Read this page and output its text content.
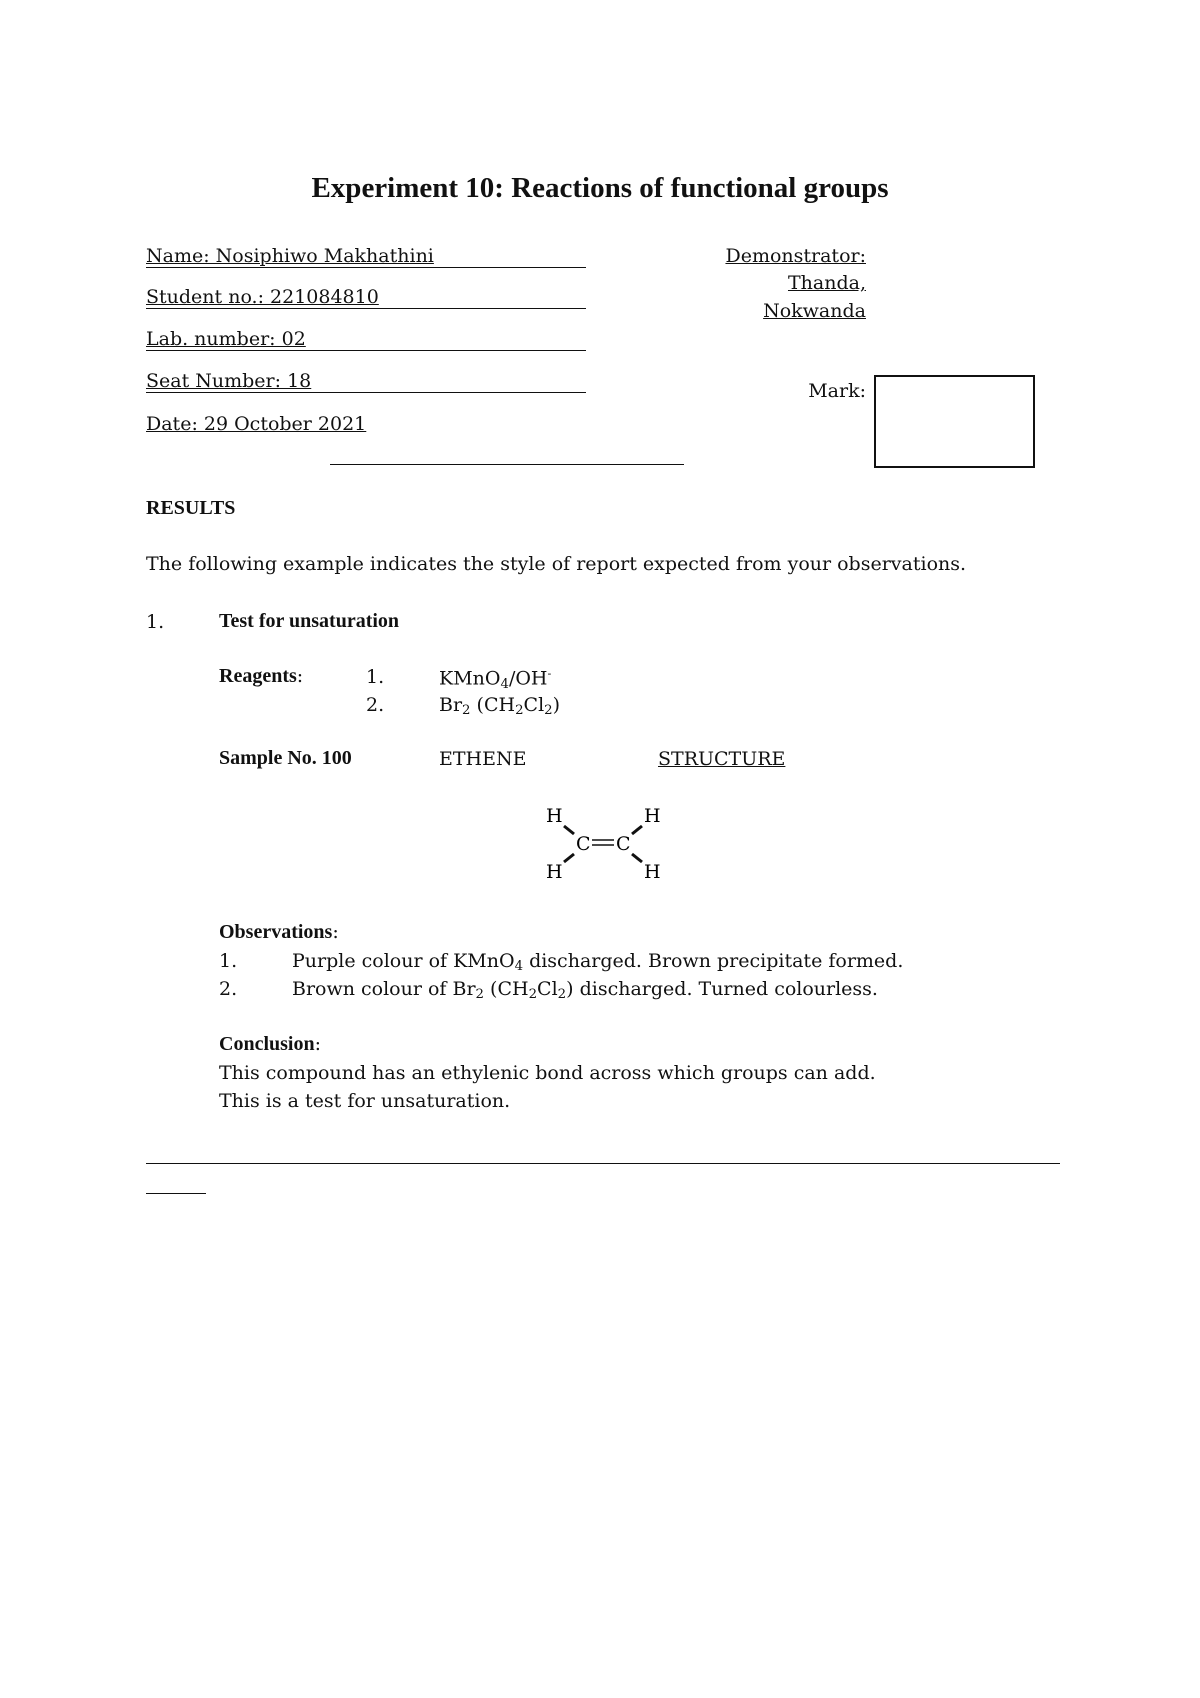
Experiment 10: Reactions of functional groups
Name: Nosiphiwo Makhathini
Student no.: 221084810
Lab. number: 02
Seat Number: 18
Date: 29 October 2021
Demonstrator:
Thanda,
Nokwanda
Mark:
RESULTS
The following example indicates the style of report expected from your observations.
1.	Test for unsaturation
Reagents:	1.	KMnO$_4$/OH-
2.	$Br_2$ $(CH_2Cl_2)$
Sample No. 100	ETHENE	STRUCTURE
H	H
H	H
C C
Observations:
1.	Purple colour of KMnO$_4$ discharged. Brown precipitate formed.
2.	Brown colour of $Br_2$ $(CH_2Cl_2)$ discharged. Turned colourless.
Conclusion:
This compound has an ethylenic bond across which groups can add.
This is a test for unsaturation.
